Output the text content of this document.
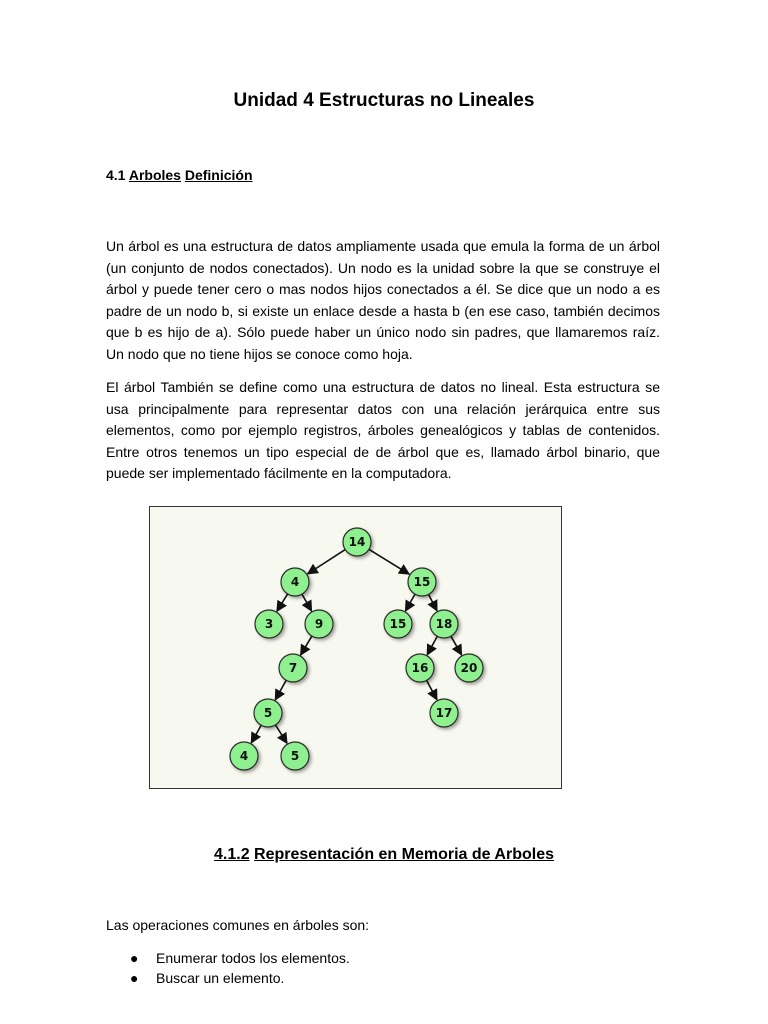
Unidad 4 Estructuras no Lineales
4.1 Arboles Definición

Un árbol es una estructura de datos ampliamente usada que emula la forma de un árbol (un conjunto de nodos conectados). Un nodo es la unidad sobre la que se construye el árbol y puede tener cero o mas nodos hijos conectados a él. Se dice que un nodo a es padre de un nodo b, si existe un enlace desde a hasta b (en ese caso, también decimos que b es hijo de a). Sólo puede haber un único nodo sin padres, que llamaremos raíz. Un nodo que no tiene hijos se conoce como hoja.

El árbol También se define como una estructura de datos no lineal. Esta estructura se usa principalmente para representar datos con una relación jerárquica entre sus elementos, como por ejemplo registros, árboles genealógicos y tablas de contenidos. Entre otros tenemos un tipo especial de de árbol que es, llamado árbol binario, que puede ser implementado fácilmente en la computadora.

14
4	15
3	9	15 18
7	16	20
5	17
4	5
4.1.2 Representación en Memoria de Arboles

Las operaciones comunes en árboles son:

● Enumerar todos los elementos.
● Buscar un elemento.
